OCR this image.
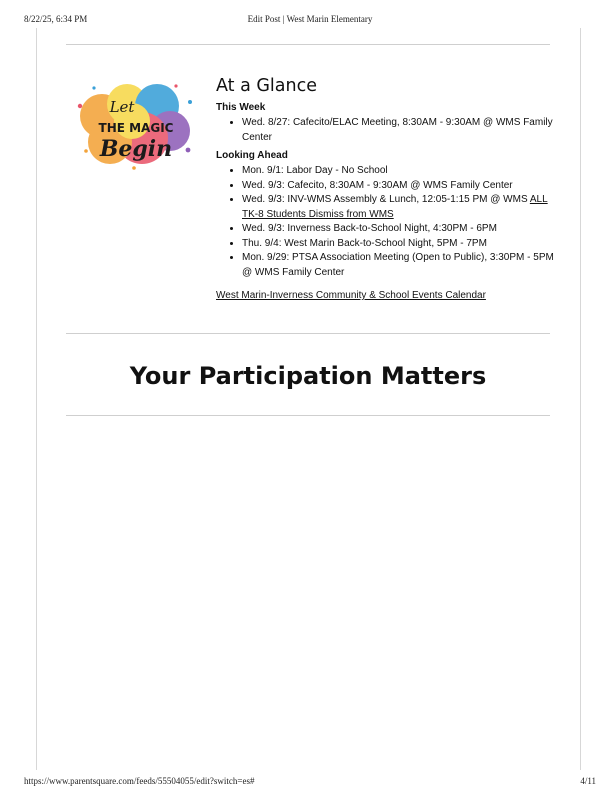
8/22/25, 6:34 PM	Edit Post | West Marin Elementary
Let
THE MAGIC
Begin
At a Glance
This Week
• Wed. 8/27: Cafecito/ELAC Meeting, 8:30AM - 9:30AM @ WMS Family Center
Looking Ahead
• Mon. 9/1: Labor Day - No School
• Wed. 9/3: Cafecito, 8:30AM - 9:30AM @ WMS Family Center
• Wed. 9/3: INV-WMS Assembly & Lunch, 12:05-1:15 PM @ WMS ALL TK-8 Students Dismiss from WMS
• Wed. 9/3: Inverness Back-to-School Night, 4:30PM - 6PM
• Thu. 9/4: West Marin Back-to-School Night, 5PM - 7PM
• Mon. 9/29: PTSA Association Meeting (Open to Public), 3:30PM - 5PM @ WMS Family Center
West Marin-Inverness Community & School Events Calendar
Your Participation Matters
https://www.parentsquare.com/feeds/55504055/edit?switch=es#	4/11
